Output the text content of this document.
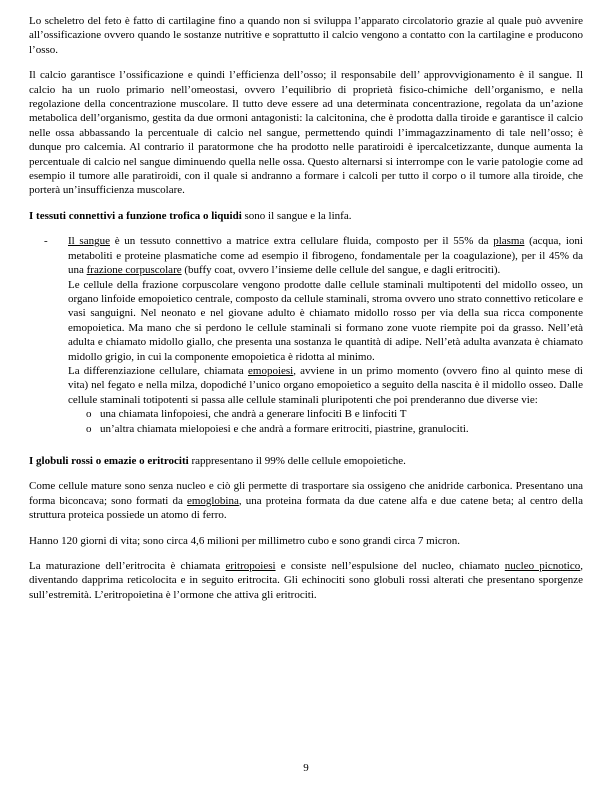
Lo scheletro del feto è fatto di cartilagine fino a quando non si sviluppa l’apparato circolatorio grazie al quale può avvenire all’ossificazione ovvero quando le sostanze nutritive e soprattutto il calcio vengono a contatto con la cartilagine e producono l’osso.

Il calcio garantisce l’ossificazione e quindi l’efficienza dell’osso; il responsabile dell’ approvvigionamento è il sangue. Il calcio ha un ruolo primario nell’omeostasi, ovvero l’equilibrio di proprietà fisico-chimiche dell’organismo, e nella regolazione della concentrazione muscolare. Il tutto deve essere ad una determinata concentrazione, regolata da un’azione metabolica dell’organismo, gestita da due ormoni antagonisti: la calcitonina, che è prodotta dalla tiroide e garantisce il calcio nelle ossa abbassando la percentuale di calcio nel sangue, permettendo quindi l’immagazzinamento di tale nell’osso; è dunque pro calcemia. Al contrario il paratormone che ha prodotto nelle paratiroidi è ipercalcetizzante, dunque aumenta la percentuale di calcio nel sangue diminuendo quella nelle ossa. Questo alternarsi si interrompe con le varie patologie come ad esempio il tumore alle paratiroidi, con il quale si andranno a formare i calcoli per tutto il corpo o il tumore alla tiroide, che porterà un’insufficienza muscolare.

I tessuti connettivi a funzione trofica o liquidi sono il sangue e la linfa.

-	Il sangue è un tessuto connettivo a matrice extra cellulare fluida, composto per il 55% da plasma (acqua, ioni metaboliti e proteine plasmatiche come ad esempio il fibrogeno, fondamentale per la coagulazione), per il 45% da una frazione corpuscolare (buffy coat, ovvero l’insieme delle cellule del sangue, e dagli eritrociti).

Le cellule della frazione corpuscolare vengono prodotte dalle cellule staminali multipotenti del midollo osseo, un organo linfoide emopoietico centrale, composto da cellule staminali, stroma ovvero uno strato connettivo reticolare e vasi sanguigni. Nel neonato e nel giovane adulto è chiamato midollo rosso per via della sua ricca componente emopoietica. Ma mano che si perdono le cellule staminali si formano zone vuote riempite poi da grasso. Nell’età adulta e chiamato midollo giallo, che presenta una sostanza le quantità di adipe. Nell’età adulta avanzata è chiamato midollo grigio, in cui la componente emopoietica è ridotta al minimo.

La differenziazione cellulare, chiamata emopoiesi, avviene in un primo momento (ovvero fino al quinto mese di vita) nel fegato e nella milza, dopodiché l’unico organo emopoietico a seguito della nascita è il midollo osseo. Dalle cellule staminali totipotenti si passa alle cellule staminali pluripotenti che poi prenderanno due diverse vie:

o una chiamata linfopoiesi, che andrà a generare linfociti B e linfociti T
o un’altra chiamata mielopoiesi e che andrà a formare eritrociti, piastrine, granulociti.

I globuli rossi o emazie o eritrociti rappresentano il 99% delle cellule emopoietiche.

Come cellule mature sono senza nucleo e ciò gli permette di trasportare sia ossigeno che anidride carbonica. Presentano una forma biconcava; sono formati da emoglobina, una proteina formata da due catene alfa e due catene beta; al centro della struttura proteica possiede un atomo di ferro.

Hanno 120 giorni di vita; sono circa 4,6 milioni per millimetro cubo e sono grandi circa 7 micron.

La maturazione dell’eritrocita è chiamata eritropoiesi e consiste nell’espulsione del nucleo, chiamato nucleo picnotico, diventando dapprima reticolocita e in seguito eritrocita. Gli echinociti sono globuli rossi alterati che presentano sporgenze sull’estremità. L’eritropoietina è l’ormone che attiva gli eritrociti.

9
